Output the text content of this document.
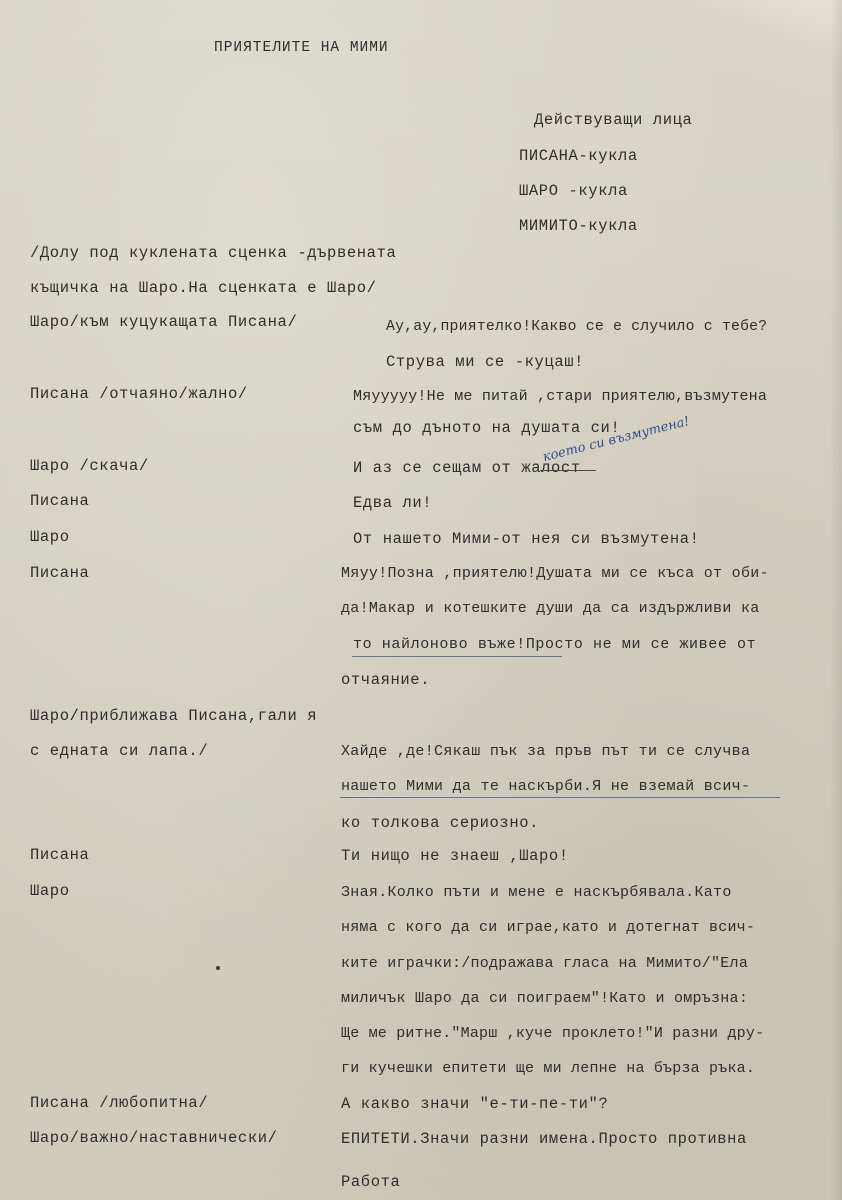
ПРИЯТЕЛИТЕ НА МИМИ
Действуващи лица
ПИСАНА-кукла
ШАРО -кукла
МИМИТО-кукла
/Долу под куклената сценка -дървената
къщичка на Шаро.На сценката е Шаро/
Шаро/към куцукащата Писана/	Ау,ау,приятелко!Какво се е случило с тебе?
Струва ми се -куцаш!
Писана /отчаяно/жално/	Мяууууу!Не ме питай ,стари приятелю,възмутена
съм до дъното на душата си!
Шаро /скача/	И аз се сещам от жалост
което си възмутена!
Писана	Едва ли!
Шаро	От нашето Мими-от нея си възмутена!
Писана	Мяуу!Позна ,приятелю!Душата ми се къса от оби-
да!Макар и котешките души да са издържливи ка
то найлоново въже!Просто не ми се живее от
отчаяние.
Шаро/приближава Писана,гали я
с едната си лапа./	Хайде ,де!Сякаш пък за пръв път ти се случва
нашето Мими да те наскърби.Я не вземай всич-
ко толкова сериозно.
Писана	Ти нищо не знаеш ,Шаро!
Шаро	Зная.Колко пъти и мене е наскърбявала.Като
няма с кого да си играе,като и дотегнат всич-
ките играчки:/подражава гласа на Мимито/"Ела
миличък Шаро да си поиграем"!Като и омръзна:
Ще ме ритне."Марш ,куче проклето!"И разни дру-
ги кучешки епитети ще ми лепне на бърза ръка.
Писана /любопитна/	А какво значи "е-ти-пе-ти"?
Шаро/важно/наставнически/	ЕПИТЕТИ.Значи разни имена.Просто противна
Работа
